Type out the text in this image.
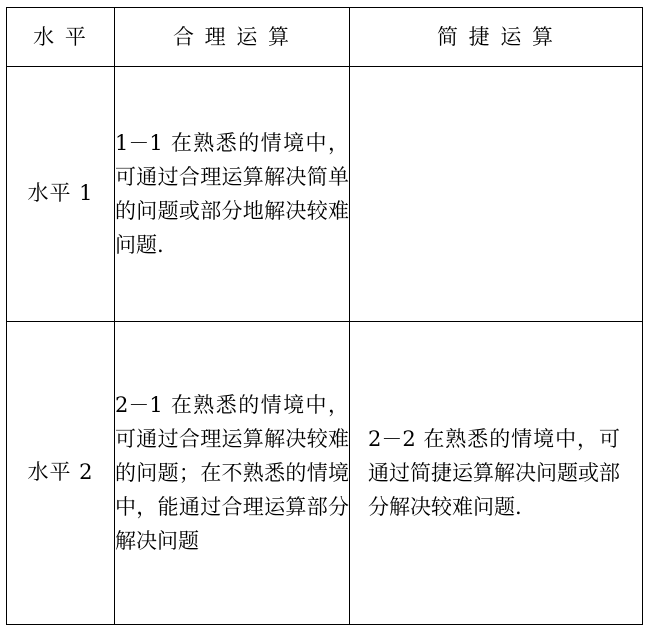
水 平	合 理 运 算	简 捷 运 算

水平 1	1－1 在熟悉的情境中，可通过合理运算解决简单的问题或部分地解决较难问题.	

水平 2	2－1 在熟悉的情境中，可通过合理运算解决较难的问题；在不熟悉的情境中，能通过合理运算部分解决问题	2－2 在熟悉的情境中，可通过简捷运算解决问题或部分解决较难问题.
